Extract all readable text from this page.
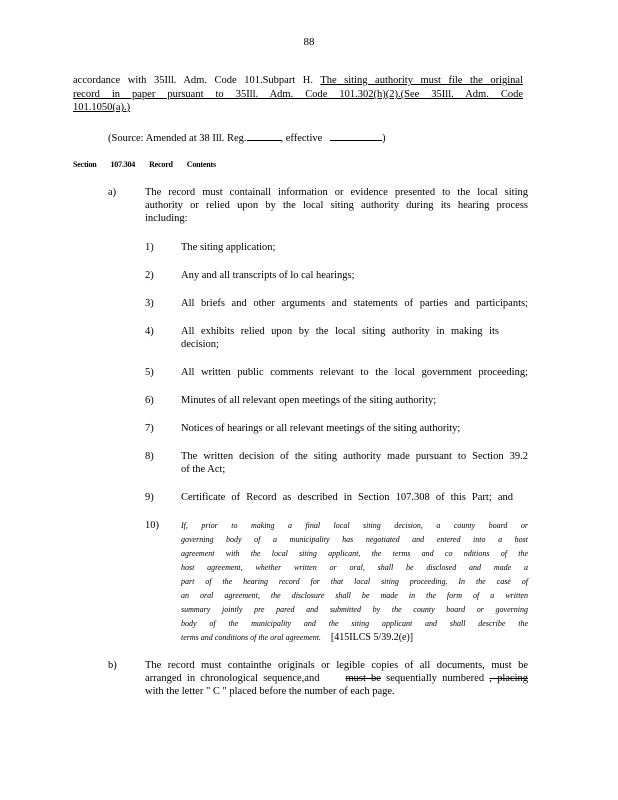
88
accordance with 35Ill. Adm. Code 101.Subpart H. The siting authority must file the original
record in paper pursuant to 35Ill. Adm. Code 101.302(h)(2).(See 35Ill. Adm. Code
101.1050(a).)
(Source: Amended at 38 Ill. Reg.	, effective	)
Section 107.304 Record Contents
a)	The record must containall information or evidence presented to the local siting
authority or relied upon by the local siting authority during its hearing process
including:
1)	The siting application;
2)	Any and all transcripts of lo cal hearings;
3)	All briefs and other arguments and statements of parties and participants;
4)	All exhibits relied upon by the local siting authority in making its
decision;
5)	All written public comments relevant to the local government proceeding;
6)	Minutes of all relevant open meetings of the siting authority;
7)	Notices of hearings or all relevant meetings of the siting authority;
8)	The written decision of the siting authority made pursuant to Section 39.2
of the Act;
9)	Certificate of Record as described in Section 107.308 of this Part; and
10)	If, prior to making a final local siting decision, a county board or
governing body of a municipality has negotiated and entered into a host
agreement with the local siting applicant, the terms and co nditions of the
host agreement, whether written or oral, shall be disclosed and made a
part of the hearing record for that local siting proceeding. In the case of
an oral agreement, the disclosure shall be made in the form of a written
summary jointly pre pared and submitted by the county board or governing
body of the municipality and the siting applicant and shall describe the
terms and conditions of the oral agreement. [415ILCS 5/39.2(e)]
b)	The record must containthe originals or legible copies of all documents, must be
arranged in chronological sequence,and must be sequentially numbered , placing
with the letter " C " placed before the number of each page.
